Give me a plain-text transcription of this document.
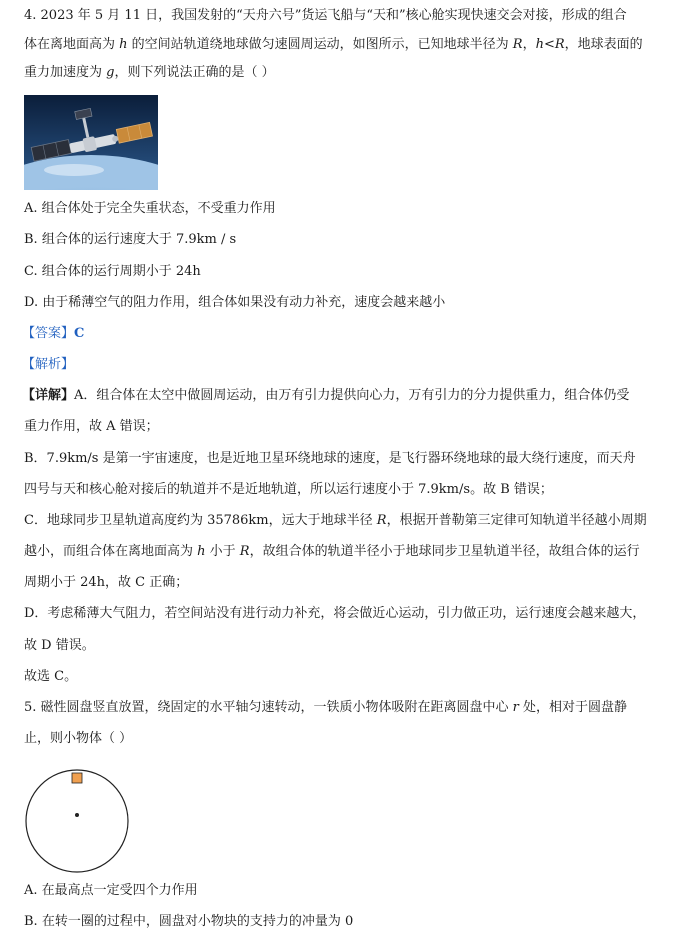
4. 2023 年 5 月 11 日，我国发射的“天舟六号”货运飞船与“天和”核心舱实现快速交会对接，形成的组合
体在离地面高为 h 的空间站轨道绕地球做匀速圆周运动，如图所示，已知地球半径为 R，h<R，地球表面的
重力加速度为 g，则下列说法正确的是（ ）
A. 组合体处于完全失重状态，不受重力作用
B. 组合体的运行速度大于 7.9km / s
C. 组合体的运行周期小于 24h
D. 由于稀薄空气的阻力作用，组合体如果没有动力补充，速度会越来越小
【答案】C
【解析】
【详解】A．组合体在太空中做圆周运动，由万有引力提供向心力，万有引力的分力提供重力，组合体仍受
重力作用，故 A 错误；
B．7.9km/s 是第一宇宙速度，也是近地卫星环绕地球的速度，是飞行器环绕地球的最大绕行速度，而天舟
四号与天和核心舱对接后的轨道并不是近地轨道，所以运行速度小于 7.9km/s。故 B 错误；
C．地球同步卫星轨道高度约为 35786km，远大于地球半径 R，根据开普勒第三定律可知轨道半径越小周期
越小，而组合体在离地面高为 h 小于 R，故组合体的轨道半径小于地球同步卫星轨道半径，故组合体的运行
周期小于 24h，故 C 正确；
D．考虑稀薄大气阻力，若空间站没有进行动力补充，将会做近心运动，引力做正功，运行速度会越来越大，
故 D 错误。
故选 C。
5. 磁性圆盘竖直放置，绕固定的水平轴匀速转动，一铁质小物体吸附在距离圆盘中心 r 处，相对于圆盘静
止，则小物体（ ）
A. 在最高点一定受四个力作用
B. 在转一圈的过程中，圆盘对小物块的支持力的冲量为 0
